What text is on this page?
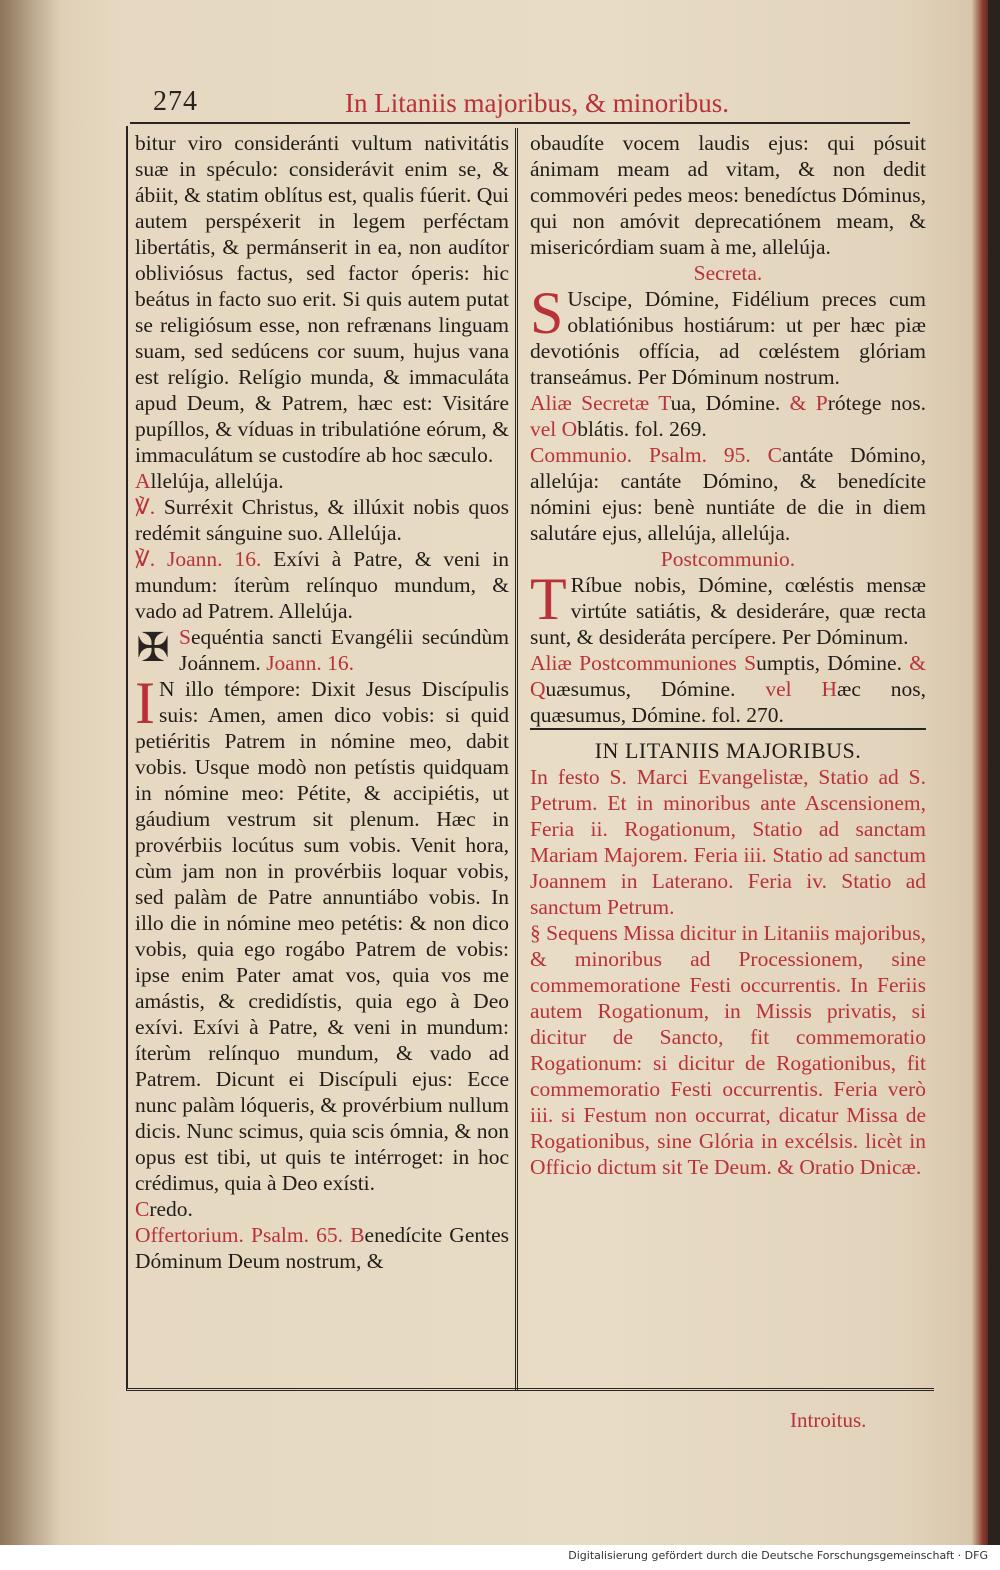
274	In Litaniis majoribus, & minoribus.

bitur viro consideránti vultum nativitátis suæ in spéculo: considerávit enim se, & ábiit, & statim oblítus est, qualis fúerit. Qui autem perspéxerit in legem perféctam libertátis, & permánserit in ea, non audítor obliviósus factus, sed factor óperis: hic beátus in facto suo erit. Si quis autem putat se religiósum esse, non refrænans linguam suam, sed sedúcens cor suum, hujus vana est relígio. Relígio munda, & immaculáta apud Deum, & Patrem, hæc est: Visitáre pupíllos, & víduas in tribulatióne eórum, & immaculátum se custodíre ab hoc sæculo.

Allelúja, allelúja.

℣. Surréxit Christus, & illúxit nobis quos redémit sánguine suo. Allelúja.

℣. Joann. 16. Exívi à Patre, & veni in mundum: íterùm relínquo mundum, & vado ad Patrem. Allelúja.

✠ Sequéntia sancti Evangélii secúndùm Joánnem. Joann. 16.

I N illo témpore: Dixit Jesus Discípulis suis: Amen, amen dico vobis: si quid petiéritis Patrem in nómine meo, dabit vobis. Usque modò non petístis quidquam in nómine meo: Pétite, & accipiétis, ut gáudium vestrum sit plenum. Hæc in provérbiis locútus sum vobis. Venit hora, cùm jam non in provérbiis loquar vobis, sed palàm de Patre annuntiábo vobis. In illo die in nómine meo petétis: & non dico vobis, quia ego rogábo Patrem de vobis: ipse enim Pater amat vos, quia vos me amástis, & credidístis, quia ego à Deo exívi. Exívi à Patre, & veni in mundum: íterùm relínquo mundum, & vado ad Patrem. Dicunt ei Discípuli ejus: Ecce nunc palàm lóqueris, & provérbium nullum dicis. Nunc scimus, quia scis ómnia, & non opus est tibi, ut quis te intérroget: in hoc crédimus, quia à Deo exísti.

Credo.

Offertorium. Psalm. 65. Benedícite Gentes Dóminum Deum nostrum, &

obaudíte vocem laudis ejus: qui pósuit ánimam meam ad vitam, & non dedit commovéri pedes meos: benedíctus Dóminus, qui non amóvit deprecatiónem meam, & misericórdiam suam à me, allelúja.

Secreta.

S Uscipe, Dómine, Fidélium preces cum oblatiónibus hostiárum: ut per hæc piæ devotiónis offícia, ad cœléstem glóriam transeámus. Per Dóminum nostrum.

Aliæ Secretæ Tua, Dómine. & Prótege nos. vel Oblátis. fol. 269.

Communio. Psalm. 95. Cantáte Dómino, allelúja: cantáte Dómino, & benedícite nómini ejus: benè nuntiáte de die in diem salutáre ejus, allelúja, allelúja.

Postcommunio.

T Ríbue nobis, Dómine, cœléstis mensæ virtúte satiátis, & desideráre, quæ recta sunt, & desideráta percípere. Per Dóminum.

Aliæ Postcommuniones Sumptis, Dómine. & Quæsumus, Dómine. vel Hæc nos, quæsumus, Dómine. fol. 270.

IN LITANIIS MAJORIBUS.

In festo S. Marci Evangelistæ, Statio ad S. Petrum. Et in minoribus ante Ascensionem, Feria ii. Rogationum, Statio ad sanctam Mariam Majorem. Feria iii. Statio ad sanctum Joannem in Laterano. Feria iv. Statio ad sanctum Petrum.

§ Sequens Missa dicitur in Litaniis majoribus, & minoribus ad Processionem, sine commemoratione Festi occurrentis. In Feriis autem Rogationum, in Missis privatis, si dicitur de Sancto, fit commemoratio Rogationum: si dicitur de Rogationibus, fit commemoratio Festi occurrentis. Feria verò iii. si Festum non occurrat, dicatur Missa de Rogationibus, sine Glória in excélsis. licèt in Officio dictum sit Te Deum. & Oratio Dnicæ.

Introitus.
Digitalisierung gefördert durch die Deutsche Forschungsgemeinschaft · DFG
